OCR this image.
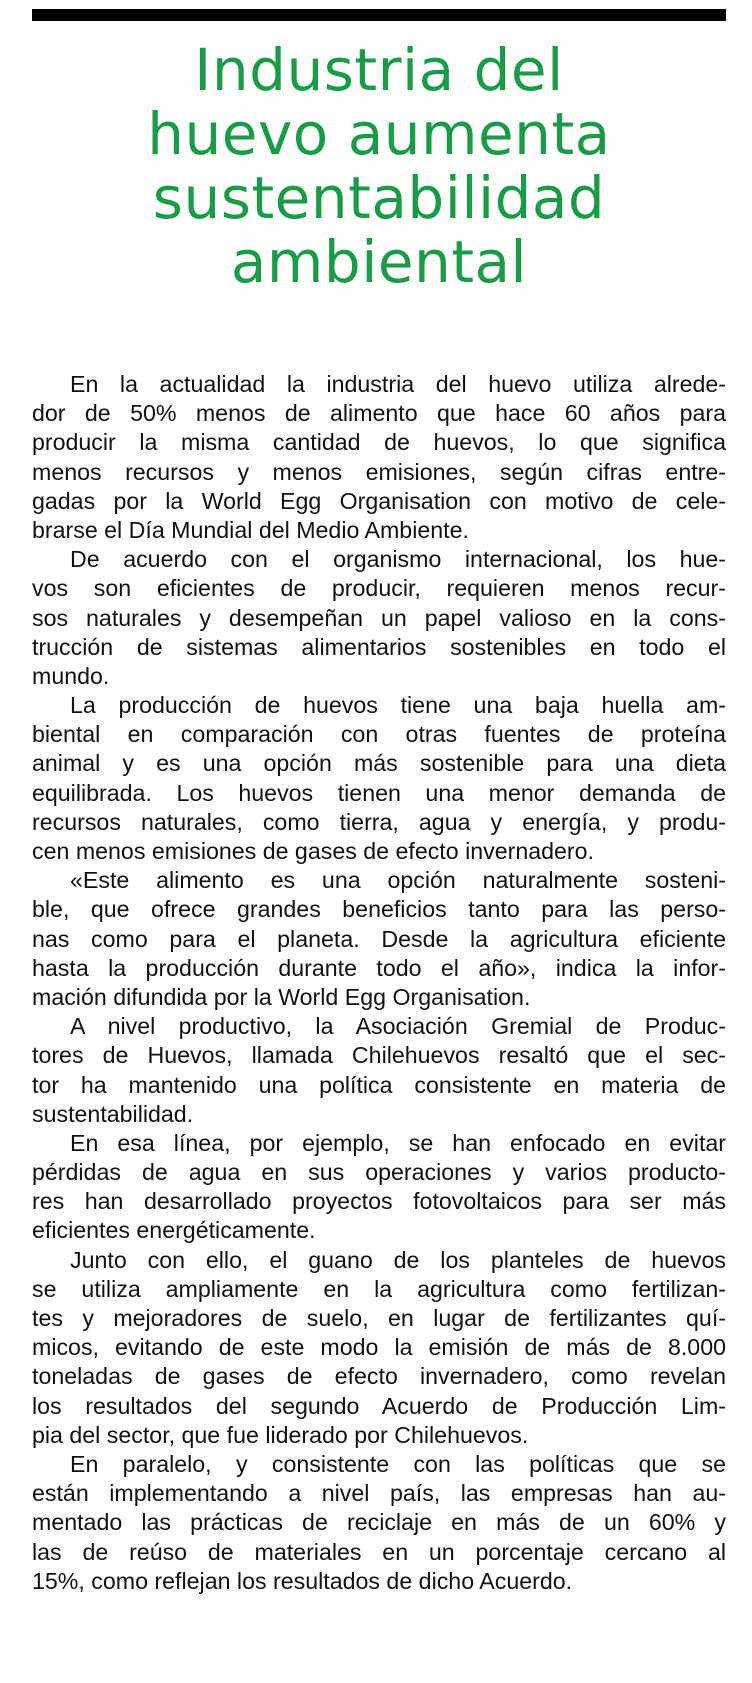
Industria del
huevo aumenta
sustentabilidad
ambiental
En la actualidad la industria del huevo utiliza alrede-
dor de 50% menos de alimento que hace 60 años para
producir la misma cantidad de huevos, lo que significa
menos recursos y menos emisiones, según cifras entre-
gadas por la World Egg Organisation con motivo de cele-
brarse el Día Mundial del Medio Ambiente.
De acuerdo con el organismo internacional, los hue-
vos son eficientes de producir, requieren menos recur-
sos naturales y desempeñan un papel valioso en la cons-
trucción de sistemas alimentarios sostenibles en todo el
mundo.
La producción de huevos tiene una baja huella am-
biental en comparación con otras fuentes de proteína
animal y es una opción más sostenible para una dieta
equilibrada. Los huevos tienen una menor demanda de
recursos naturales, como tierra, agua y energía, y produ-
cen menos emisiones de gases de efecto invernadero.
«Este alimento es una opción naturalmente sosteni-
ble, que ofrece grandes beneficios tanto para las perso-
nas como para el planeta. Desde la agricultura eficiente
hasta la producción durante todo el año», indica la infor-
mación difundida por la World Egg Organisation.
A nivel productivo, la Asociación Gremial de Produc-
tores de Huevos, llamada Chilehuevos resaltó que el sec-
tor ha mantenido una política consistente en materia de
sustentabilidad.
En esa línea, por ejemplo, se han enfocado en evitar
pérdidas de agua en sus operaciones y varios producto-
res han desarrollado proyectos fotovoltaicos para ser más
eficientes energéticamente.
Junto con ello, el guano de los planteles de huevos
se utiliza ampliamente en la agricultura como fertilizan-
tes y mejoradores de suelo, en lugar de fertilizantes quí-
micos, evitando de este modo la emisión de más de 8.000
toneladas de gases de efecto invernadero, como revelan
los resultados del segundo Acuerdo de Producción Lim-
pia del sector, que fue liderado por Chilehuevos.
En paralelo, y consistente con las políticas que se
están implementando a nivel país, las empresas han au-
mentado las prácticas de reciclaje en más de un 60% y
las de reúso de materiales en un porcentaje cercano al
15%, como reflejan los resultados de dicho Acuerdo.
